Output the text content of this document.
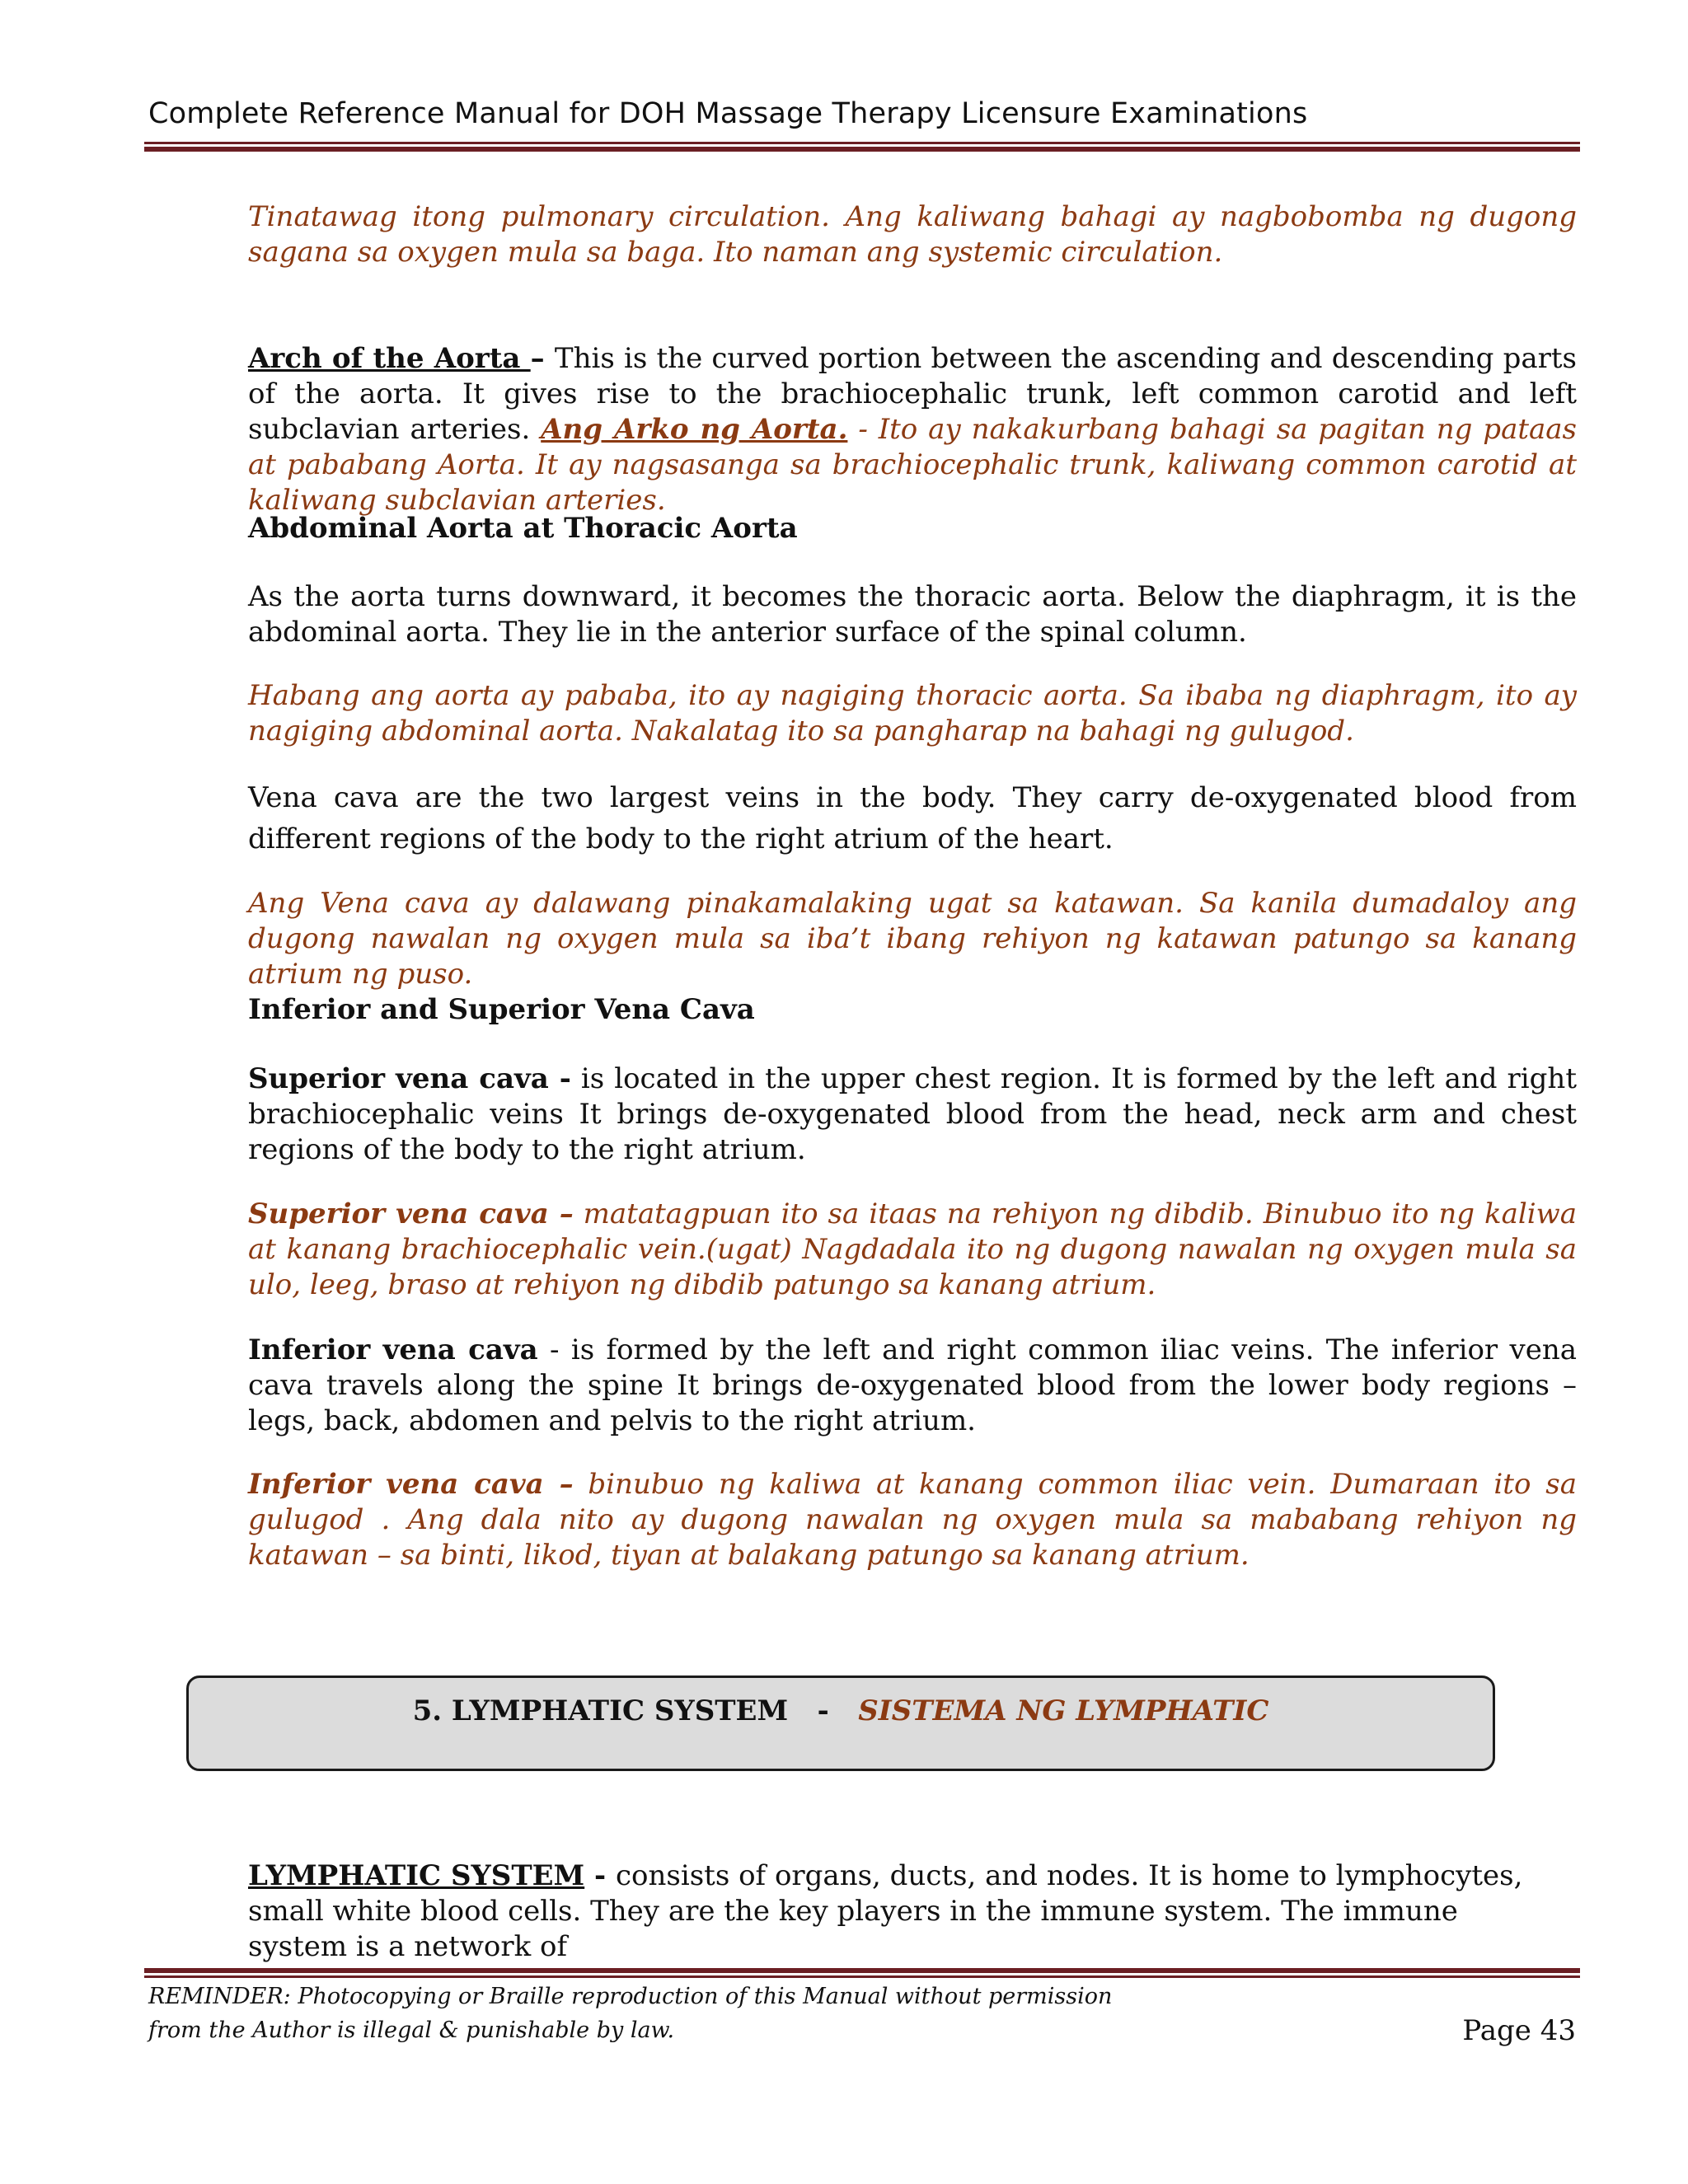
Complete Reference Manual for DOH Massage Therapy Licensure Examinations
Tinatawag itong pulmonary circulation. Ang kaliwang bahagi ay nagbobomba ng dugong sagana sa oxygen mula sa baga. Ito naman ang systemic circulation.
Arch of the Aorta – This is the curved portion between the ascending and descending parts of the aorta. It gives rise to the brachiocephalic trunk, left common carotid and left subclavian arteries. Ang Arko ng Aorta. - Ito ay nakakurbang bahagi sa pagitan ng pataas at pababang Aorta. It ay nagsasanga sa brachiocephalic trunk, kaliwang common carotid at kaliwang subclavian arteries.
Abdominal Aorta at Thoracic Aorta
As the aorta turns downward, it becomes the thoracic aorta. Below the diaphragm, it is the abdominal aorta. They lie in the anterior surface of the spinal column.
Habang ang aorta ay pababa, ito ay nagiging thoracic aorta. Sa ibaba ng diaphragm, ito ay nagiging abdominal aorta. Nakalatag ito sa pangharap na bahagi ng gulugod.
Vena cava are the two largest veins in the body. They carry de-oxygenated blood from different regions of the body to the right atrium of the heart.
Ang Vena cava ay dalawang pinakamalaking ugat sa katawan. Sa kanila dumadaloy ang dugong nawalan ng oxygen mula sa iba’t ibang rehiyon ng katawan patungo sa kanang atrium ng puso.
Inferior and Superior Vena Cava
Superior vena cava - is located in the upper chest region. It is formed by the left and right brachiocephalic veins It brings de-oxygenated blood from the head, neck arm and chest regions of the body to the right atrium.
Superior vena cava – matatagpuan ito sa itaas na rehiyon ng dibdib. Binubuo ito ng kaliwa at kanang brachiocephalic vein.(ugat) Nagdadala ito ng dugong nawalan ng oxygen mula sa ulo, leeg, braso at rehiyon ng dibdib patungo sa kanang atrium.
Inferior vena cava - is formed by the left and right common iliac veins. The inferior vena cava travels along the spine It brings de-oxygenated blood from the lower body regions – legs, back, abdomen and pelvis to the right atrium.
Inferior vena cava – binubuo ng kaliwa at kanang common iliac vein. Dumaraan ito sa gulugod . Ang dala nito ay dugong nawalan ng oxygen mula sa mababang rehiyon ng katawan – sa binti, likod, tiyan at balakang patungo sa kanang atrium.
5. LYMPHATIC SYSTEM   -   SISTEMA NG LYMPHATIC
LYMPHATIC SYSTEM - consists of organs, ducts, and nodes. It is home to lymphocytes, small white blood cells. They are the key players in the immune system. The immune system is a network of
REMINDER: Photocopying or Braille reproduction of this Manual without permission
from the Author is illegal & punishable by law.	Page 43
